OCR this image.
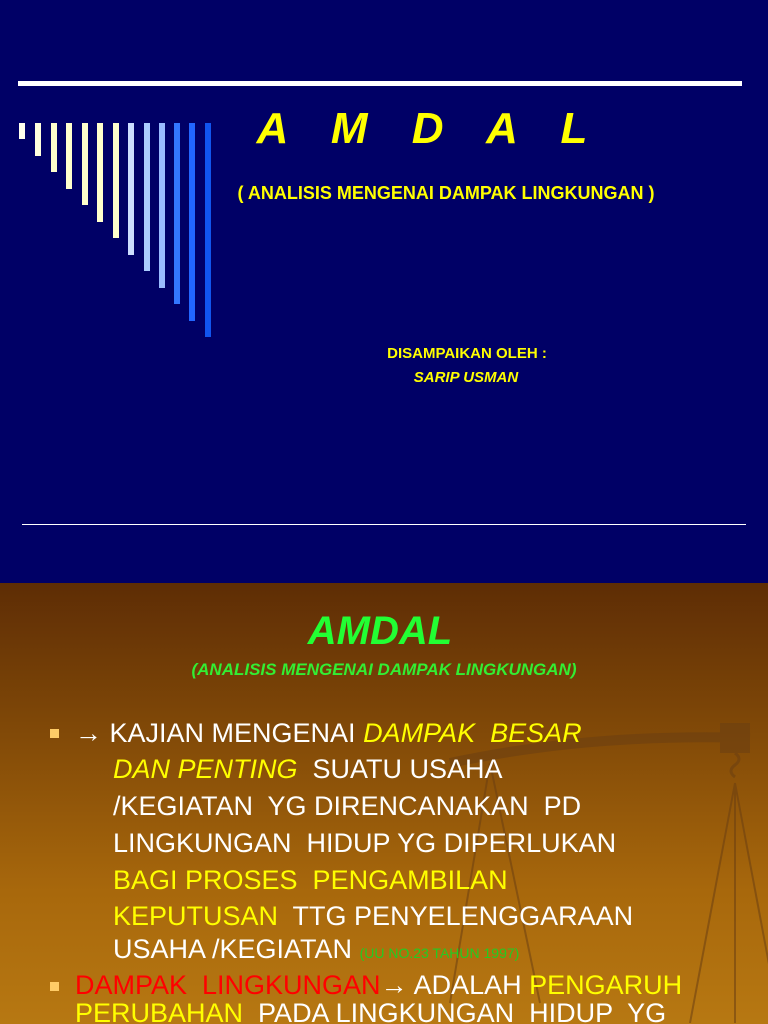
A M D A L
( ANALISIS MENGENAI DAMPAK LINGKUNGAN )
DISAMPAIKAN OLEH :
SARIP USMAN
AMDAL
(ANALISIS MENGENAI DAMPAK LINGKUNGAN)
→ KAJIAN MENGENAI DAMPAK  BESAR
DAN PENTING  SUATU USAHA
/KEGIATAN  YG DIRENCANAKAN  PD
LINGKUNGAN  HIDUP YG DIPERLUKAN
BAGI PROSES  PENGAMBILAN
KEPUTUSAN  TTG PENYELENGGARAAN
USAHA /KEGIATAN (UU NO.23 TAHUN 1997)
DAMPAK  LINGKUNGAN→ ADALAH PENGARUH
PERUBAHAN  PADA LINGKUNGAN  HIDUP  YG
